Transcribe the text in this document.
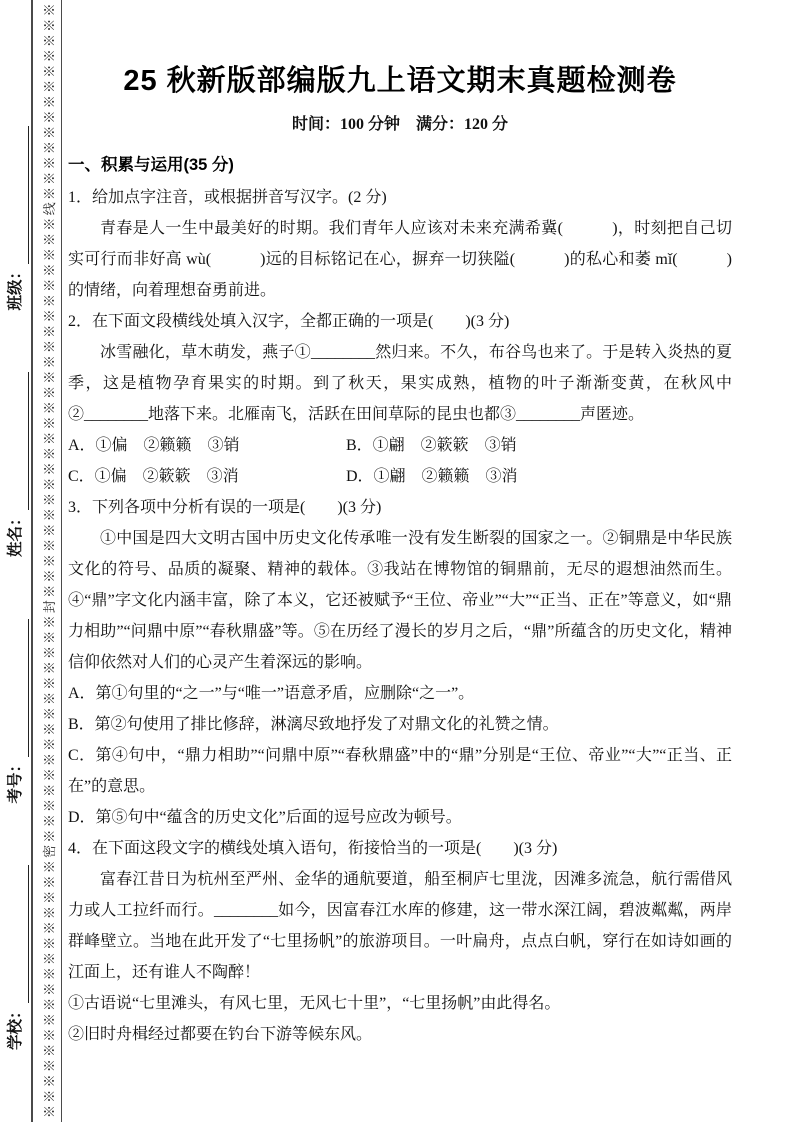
学校：
考号：
姓名：
班级：	※※※※※※※※※※※※※※※※※密※※※※※※※※※※※※※※※封※※※※※※※※※※※※※※※※※※※※※※※※※线※※※※※※※※※※※※※	25 秋新版部编版九上语文期末真题检测卷
时间：100 分钟　满分：120 分
一、积累与运用(35 分)

1．给加点字注音，或根据拼音写汉字。(2 分)

青春是人一生中最美好的时期。我们青年人应该对未来充满希冀(　　　)，时刻把自己切实可行而非好高 wù(　　　)远的目标铭记在心，摒弃一切狭隘(　　　)的私心和萎 mǐ(　　　)的情绪，向着理想奋勇前进。

2．在下面文段横线处填入汉字，全都正确的一项是(　　)(3 分)

冰雪融化，草木萌发，燕子①________然归来。不久，布谷鸟也来了。于是转入炎热的夏季，这是植物孕育果实的时期。到了秋天，果实成熟，植物的叶子渐渐变黄，在秋风中②________地落下来。北雁南飞，活跃在田间草际的昆虫也都③________声匿迹。

A．①偏　②籁籁　③销	B．①翩　②簌簌　③销
C．①偏　②簌簌　③消	D．①翩　②籁籁　③消

3．下列各项中分析有误的一项是(　　)(3 分)

①中国是四大文明古国中历史文化传承唯一没有发生断裂的国家之一。②铜鼎是中华民族文化的符号、品质的凝聚、精神的载体。③我站在博物馆的铜鼎前，无尽的遐想油然而生。④“鼎”字文化内涵丰富，除了本义，它还被赋予“王位、帝业”“大”“正当、正在”等意义，如“鼎力相助”“问鼎中原”“春秋鼎盛”等。⑤在历经了漫长的岁月之后，“鼎”所蕴含的历史文化，精神信仰依然对人们的心灵产生着深远的影响。

A．第①句里的“之一”与“唯一”语意矛盾，应删除“之一”。

B．第②句使用了排比修辞，淋漓尽致地抒发了对鼎文化的礼赞之情。

C．第④句中，“鼎力相助”“问鼎中原”“春秋鼎盛”中的“鼎”分别是“王位、帝业”“大”“正当、正在”的意思。

D．第⑤句中“蕴含的历史文化”后面的逗号应改为顿号。

4．在下面这段文字的横线处填入语句，衔接恰当的一项是(　　)(3 分)

富春江昔日为杭州至严州、金华的通航要道，船至桐庐七里泷，因滩多流急，航行需借风力或人工拉纤而行。________如今，因富春江水库的修建，这一带水深江阔，碧波粼粼，两岸群峰壁立。当地在此开发了“七里扬帆”的旅游项目。一叶扁舟，点点白帆，穿行在如诗如画的江面上，还有谁人不陶醉！

①古语说“七里滩头，有风七里，无风七十里”，“七里扬帆”由此得名。

②旧时舟楫经过都要在钓台下游等候东风。
